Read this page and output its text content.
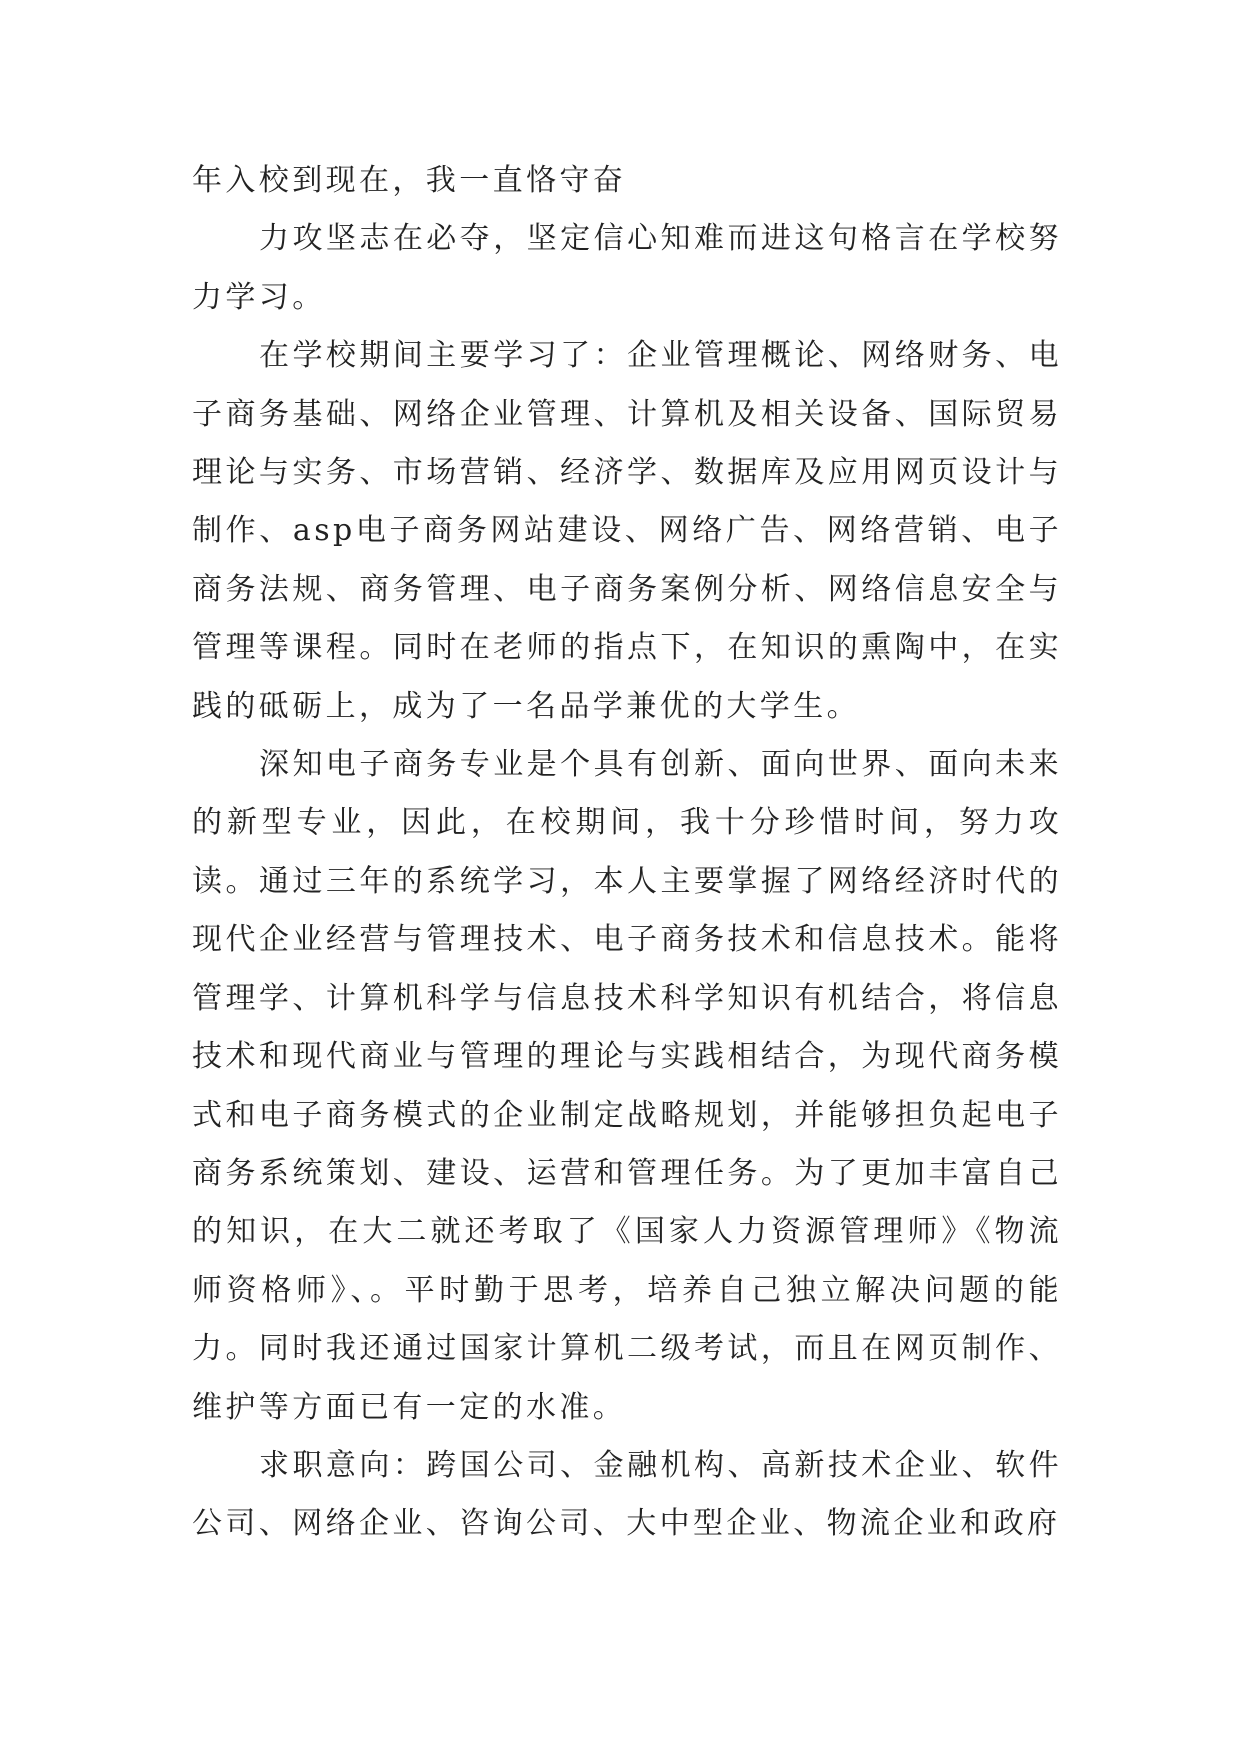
年入校到现在，我一直恪守奋

力攻坚志在必夺，坚定信心知难而进这句格言在学校努力学习。

在学校期间主要学习了：企业管理概论、网络财务、电子商务基础、网络企业管理、计算机及相关设备、国际贸易理论与实务、市场营销、经济学、数据库及应用网页设计与制作、asp电子商务网站建设、网络广告、网络营销、电子商务法规、商务管理、电子商务案例分析、网络信息安全与管理等课程。同时在老师的指点下，在知识的熏陶中，在实践的砥砺上，成为了一名品学兼优的大学生。

深知电子商务专业是个具有创新、面向世界、面向未来的新型专业，因此，在校期间，我十分珍惜时间，努力攻读。通过三年的系统学习，本人主要掌握了网络经济时代的现代企业经营与管理技术、电子商务技术和信息技术。能将管理学、计算机科学与信息技术科学知识有机结合，将信息技术和现代商业与管理的理论与实践相结合，为现代商务模式和电子商务模式的企业制定战略规划，并能够担负起电子商务系统策划、建设、运营和管理任务。为了更加丰富自己的知识，在大二就还考取了《国家人力资源管理师》《物流师资格师》、。平时勤于思考，培养自己独立解决问题的能力。同时我还通过国家计算机二级考试，而且在网页制作、维护等方面已有一定的水准。

求职意向：跨国公司、金融机构、高新技术企业、软件公司、网络企业、咨询公司、大中型企业、物流企业和政府
